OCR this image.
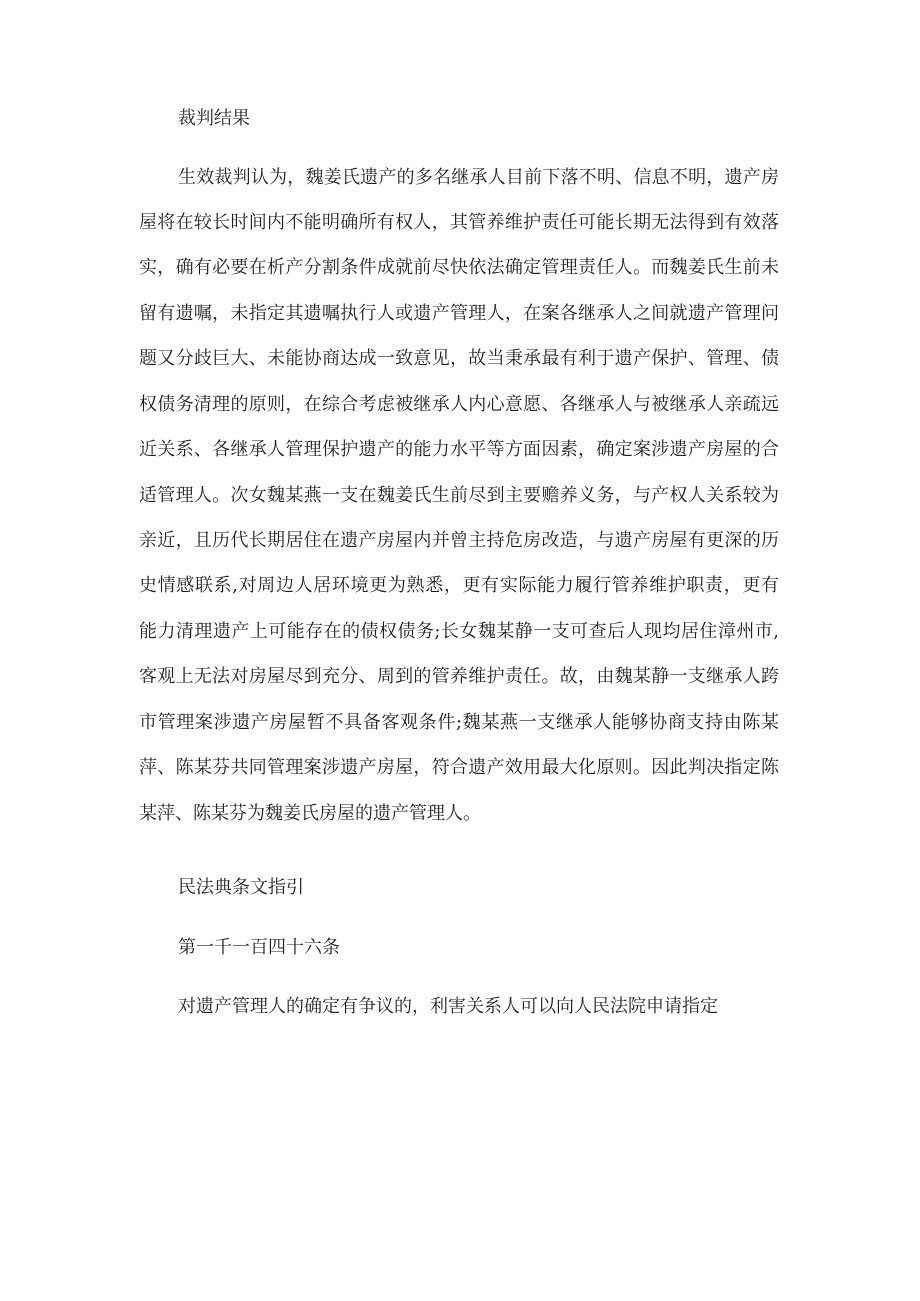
裁判结果
生效裁判认为，魏姜氏遗产的多名继承人目前下落不明、信息不明，遗产房
屋将在较长时间内不能明确所有权人，其管养维护责任可能长期无法得到有效落
实，确有必要在析产分割条件成就前尽快依法确定管理责任人。而魏姜氏生前未
留有遗嘱，未指定其遗嘱执行人或遗产管理人，在案各继承人之间就遗产管理问
题又分歧巨大、未能协商达成一致意见，故当秉承最有利于遗产保护、管理、债
权债务清理的原则，在综合考虑被继承人内心意愿、各继承人与被继承人亲疏远
近关系、各继承人管理保护遗产的能力水平等方面因素，确定案涉遗产房屋的合
适管理人。次女魏某燕一支在魏姜氏生前尽到主要赡养义务，与产权人关系较为
亲近，且历代长期居住在遗产房屋内并曾主持危房改造，与遗产房屋有更深的历
史情感联系,对周边人居环境更为熟悉，更有实际能力履行管养维护职责，更有
能力清理遗产上可能存在的债权债务;长女魏某静一支可查后人现均居住漳州市,
客观上无法对房屋尽到充分、周到的管养维护责任。故，由魏某静一支继承人跨
市管理案涉遗产房屋暂不具备客观条件;魏某燕一支继承人能够协商支持由陈某
萍、陈某芬共同管理案涉遗产房屋，符合遗产效用最大化原则。因此判决指定陈
某萍、陈某芬为魏姜氏房屋的遗产管理人。
民法典条文指引
第一千一百四十六条
对遗产管理人的确定有争议的，利害关系人可以向人民法院申请指定
